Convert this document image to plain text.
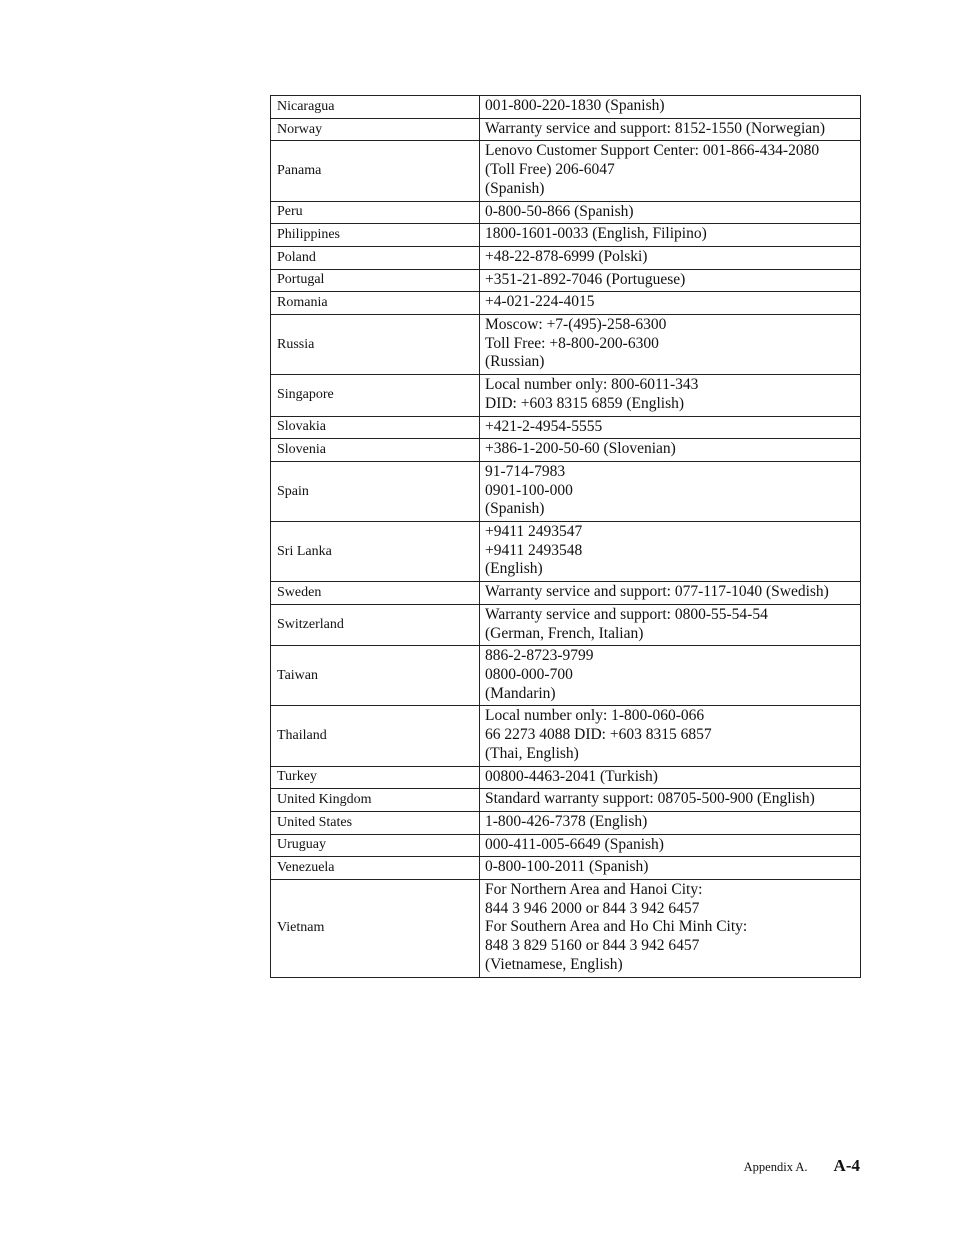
Nicaragua	001-800-220-1830 (Spanish)

Norway	Warranty service and support: 8152-1550 (Norwegian)

Panama	Lenovo Customer Support Center: 001-866-434-2080
(Toll Free) 206-6047
(Spanish)

Peru	0-800-50-866 (Spanish)

Philippines	1800-1601-0033 (English, Filipino)

Poland	+48-22-878-6999 (Polski)

Portugal	+351-21-892-7046 (Portuguese)

Romania	+4-021-224-4015

Russia	Moscow: +7-(495)-258-6300
Toll Free: +8-800-200-6300
(Russian)

Singapore	Local number only: 800-6011-343
DID: +603 8315 6859 (English)

Slovakia	+421-2-4954-5555

Slovenia	+386-1-200-50-60 (Slovenian)

Spain	91-714-7983
0901-100-000
(Spanish)

Sri Lanka	+9411 2493547
+9411 2493548
(English)

Sweden	Warranty service and support: 077-117-1040 (Swedish)

Switzerland	Warranty service and support: 0800-55-54-54
(German, French, Italian)

Taiwan	886-2-8723-9799
0800-000-700
(Mandarin)

Thailand	Local number only: 1-800-060-066
66 2273 4088 DID: +603 8315 6857
(Thai, English)

Turkey	00800-4463-2041 (Turkish)

United Kingdom	Standard warranty support: 08705-500-900 (English)

United States	1-800-426-7378 (English)

Uruguay	000-411-005-6649 (Spanish)

Venezuela	0-800-100-2011 (Spanish)

Vietnam	For Northern Area and Hanoi City:
844 3 946 2000 or 844 3 942 6457
For Southern Area and Ho Chi Minh City:
848 3 829 5160 or 844 3 942 6457
(Vietnamese, English)
Appendix A. A-4
